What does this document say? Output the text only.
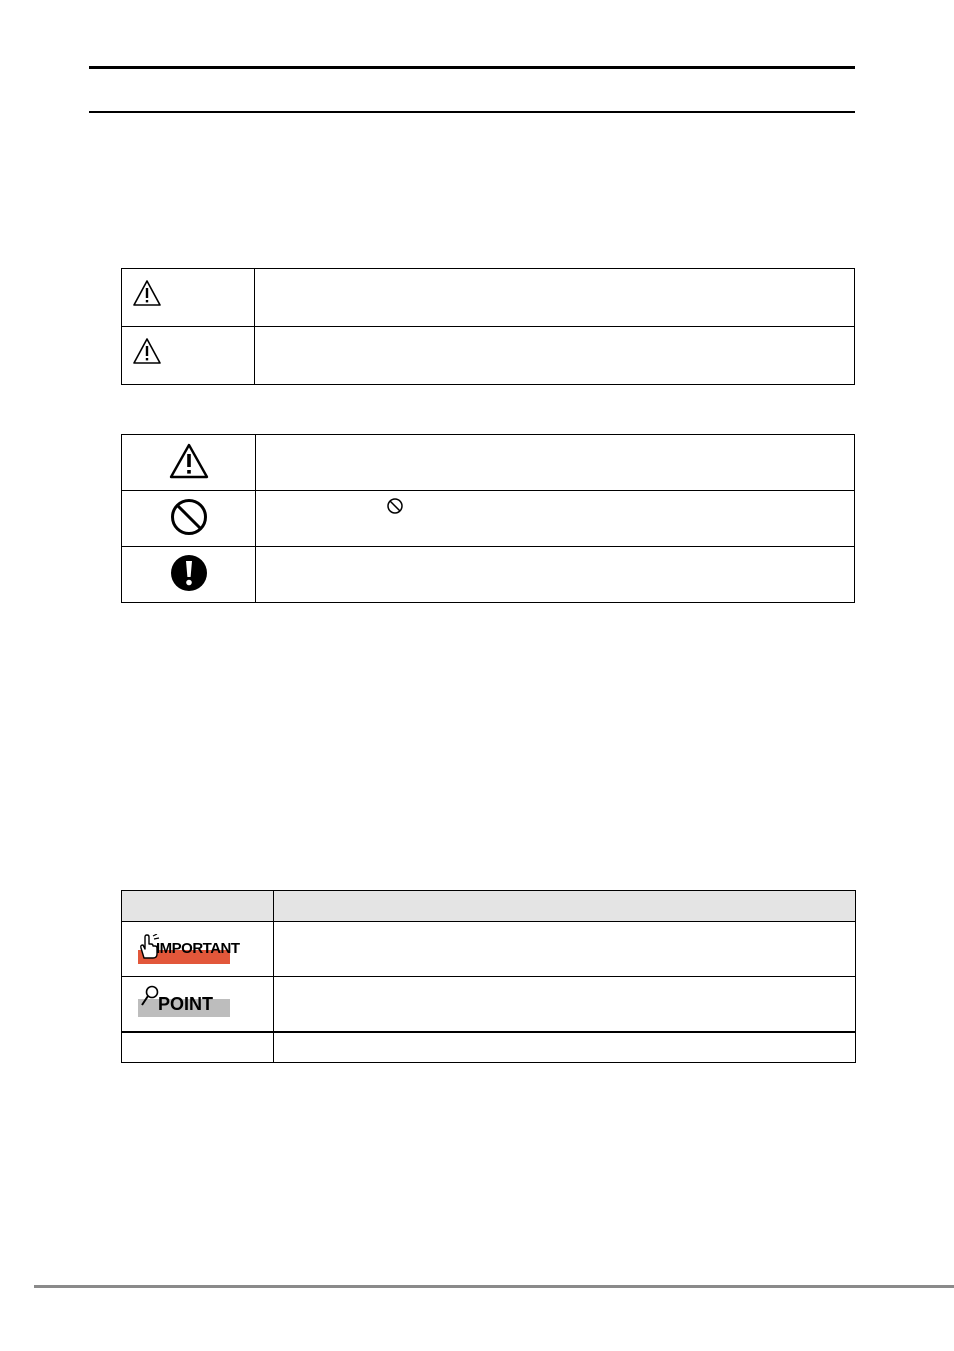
IMPORTANT	

POINT	
